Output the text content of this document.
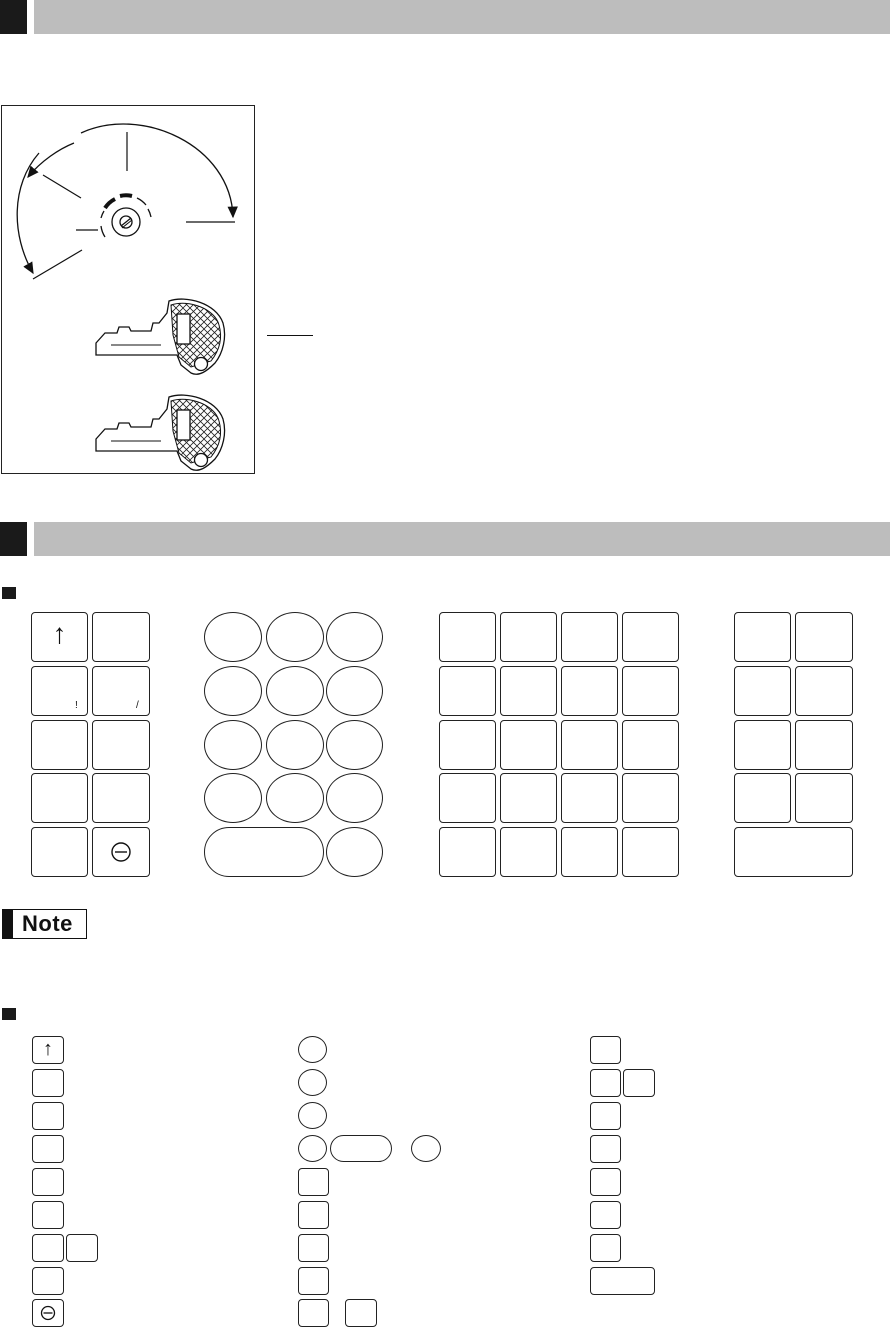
↑
!	/
Note
↑
